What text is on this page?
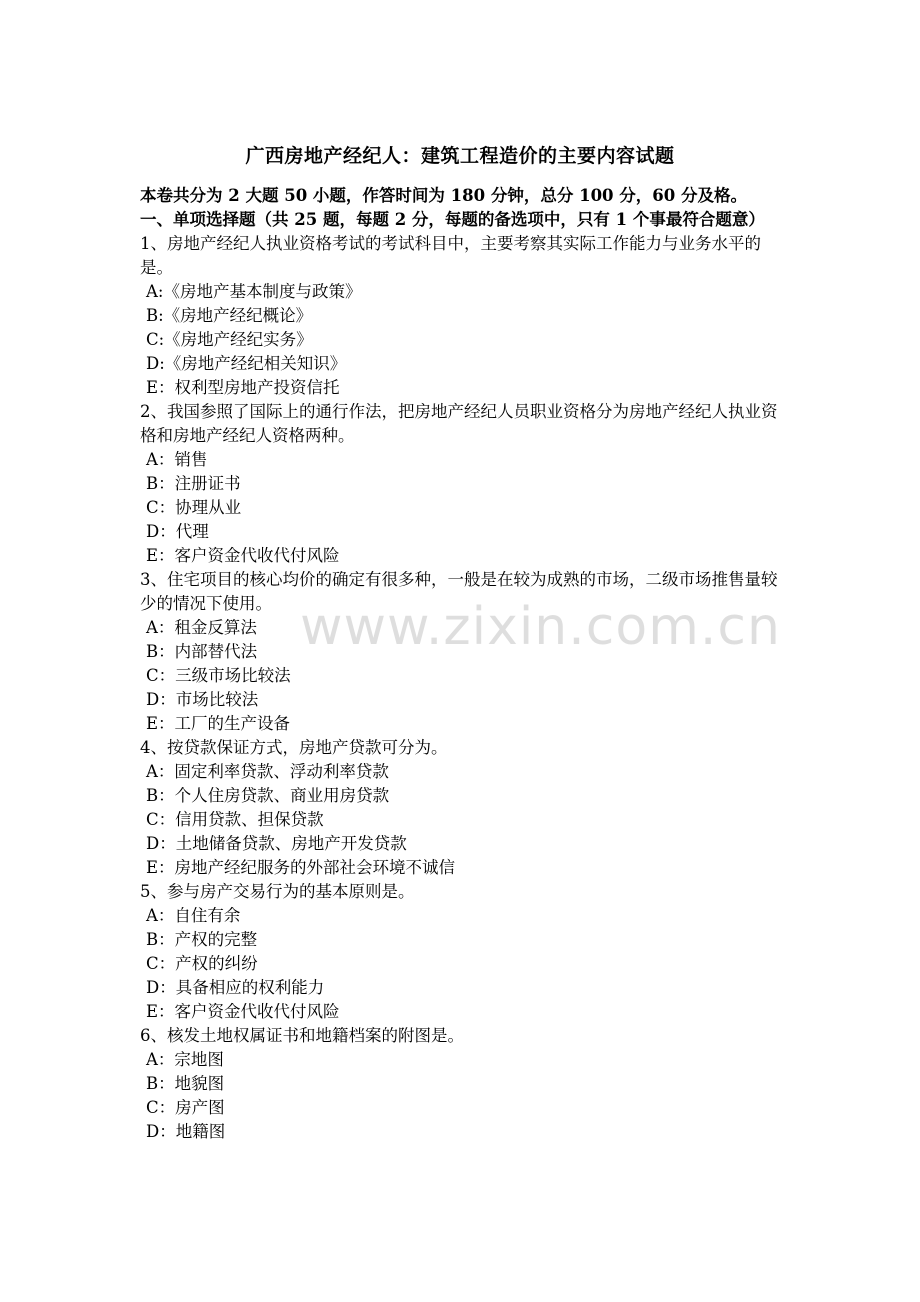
广西房地产经纪人：建筑工程造价的主要内容试题
本卷共分为 2 大题 50 小题，作答时间为 180 分钟，总分 100 分，60 分及格。
一、单项选择题（共 25 题，每题 2 分，每题的备选项中，只有 1 个事最符合题意）
1、房地产经纪人执业资格考试的考试科目中，主要考察其实际工作能力与业务水平的是。
A:《房地产基本制度与政策》
B:《房地产经纪概论》
C:《房地产经纪实务》
D:《房地产经纪相关知识》
E：权利型房地产投资信托
2、我国参照了国际上的通行作法，把房地产经纪人员职业资格分为房地产经纪人执业资格和房地产经纪人资格两种。
A：销售
B：注册证书
C：协理从业
D：代理
E：客户资金代收代付风险
3、住宅项目的核心均价的确定有很多种，一般是在较为成熟的市场，二级市场推售量较少的情况下使用。
A：租金反算法
B：内部替代法
C：三级市场比较法
D：市场比较法
E：工厂的生产设备
4、按贷款保证方式，房地产贷款可分为。
A：固定利率贷款、浮动利率贷款
B：个人住房贷款、商业用房贷款
C：信用贷款、担保贷款
D：土地储备贷款、房地产开发贷款
E：房地产经纪服务的外部社会环境不诚信
5、参与房产交易行为的基本原则是。
A：自住有余
B：产权的完整
C：产权的纠纷
D：具备相应的权利能力
E：客户资金代收代付风险
6、核发土地权属证书和地籍档案的附图是。
A：宗地图
B：地貌图
C：房产图
D：地籍图
www.zixin.com.cn
